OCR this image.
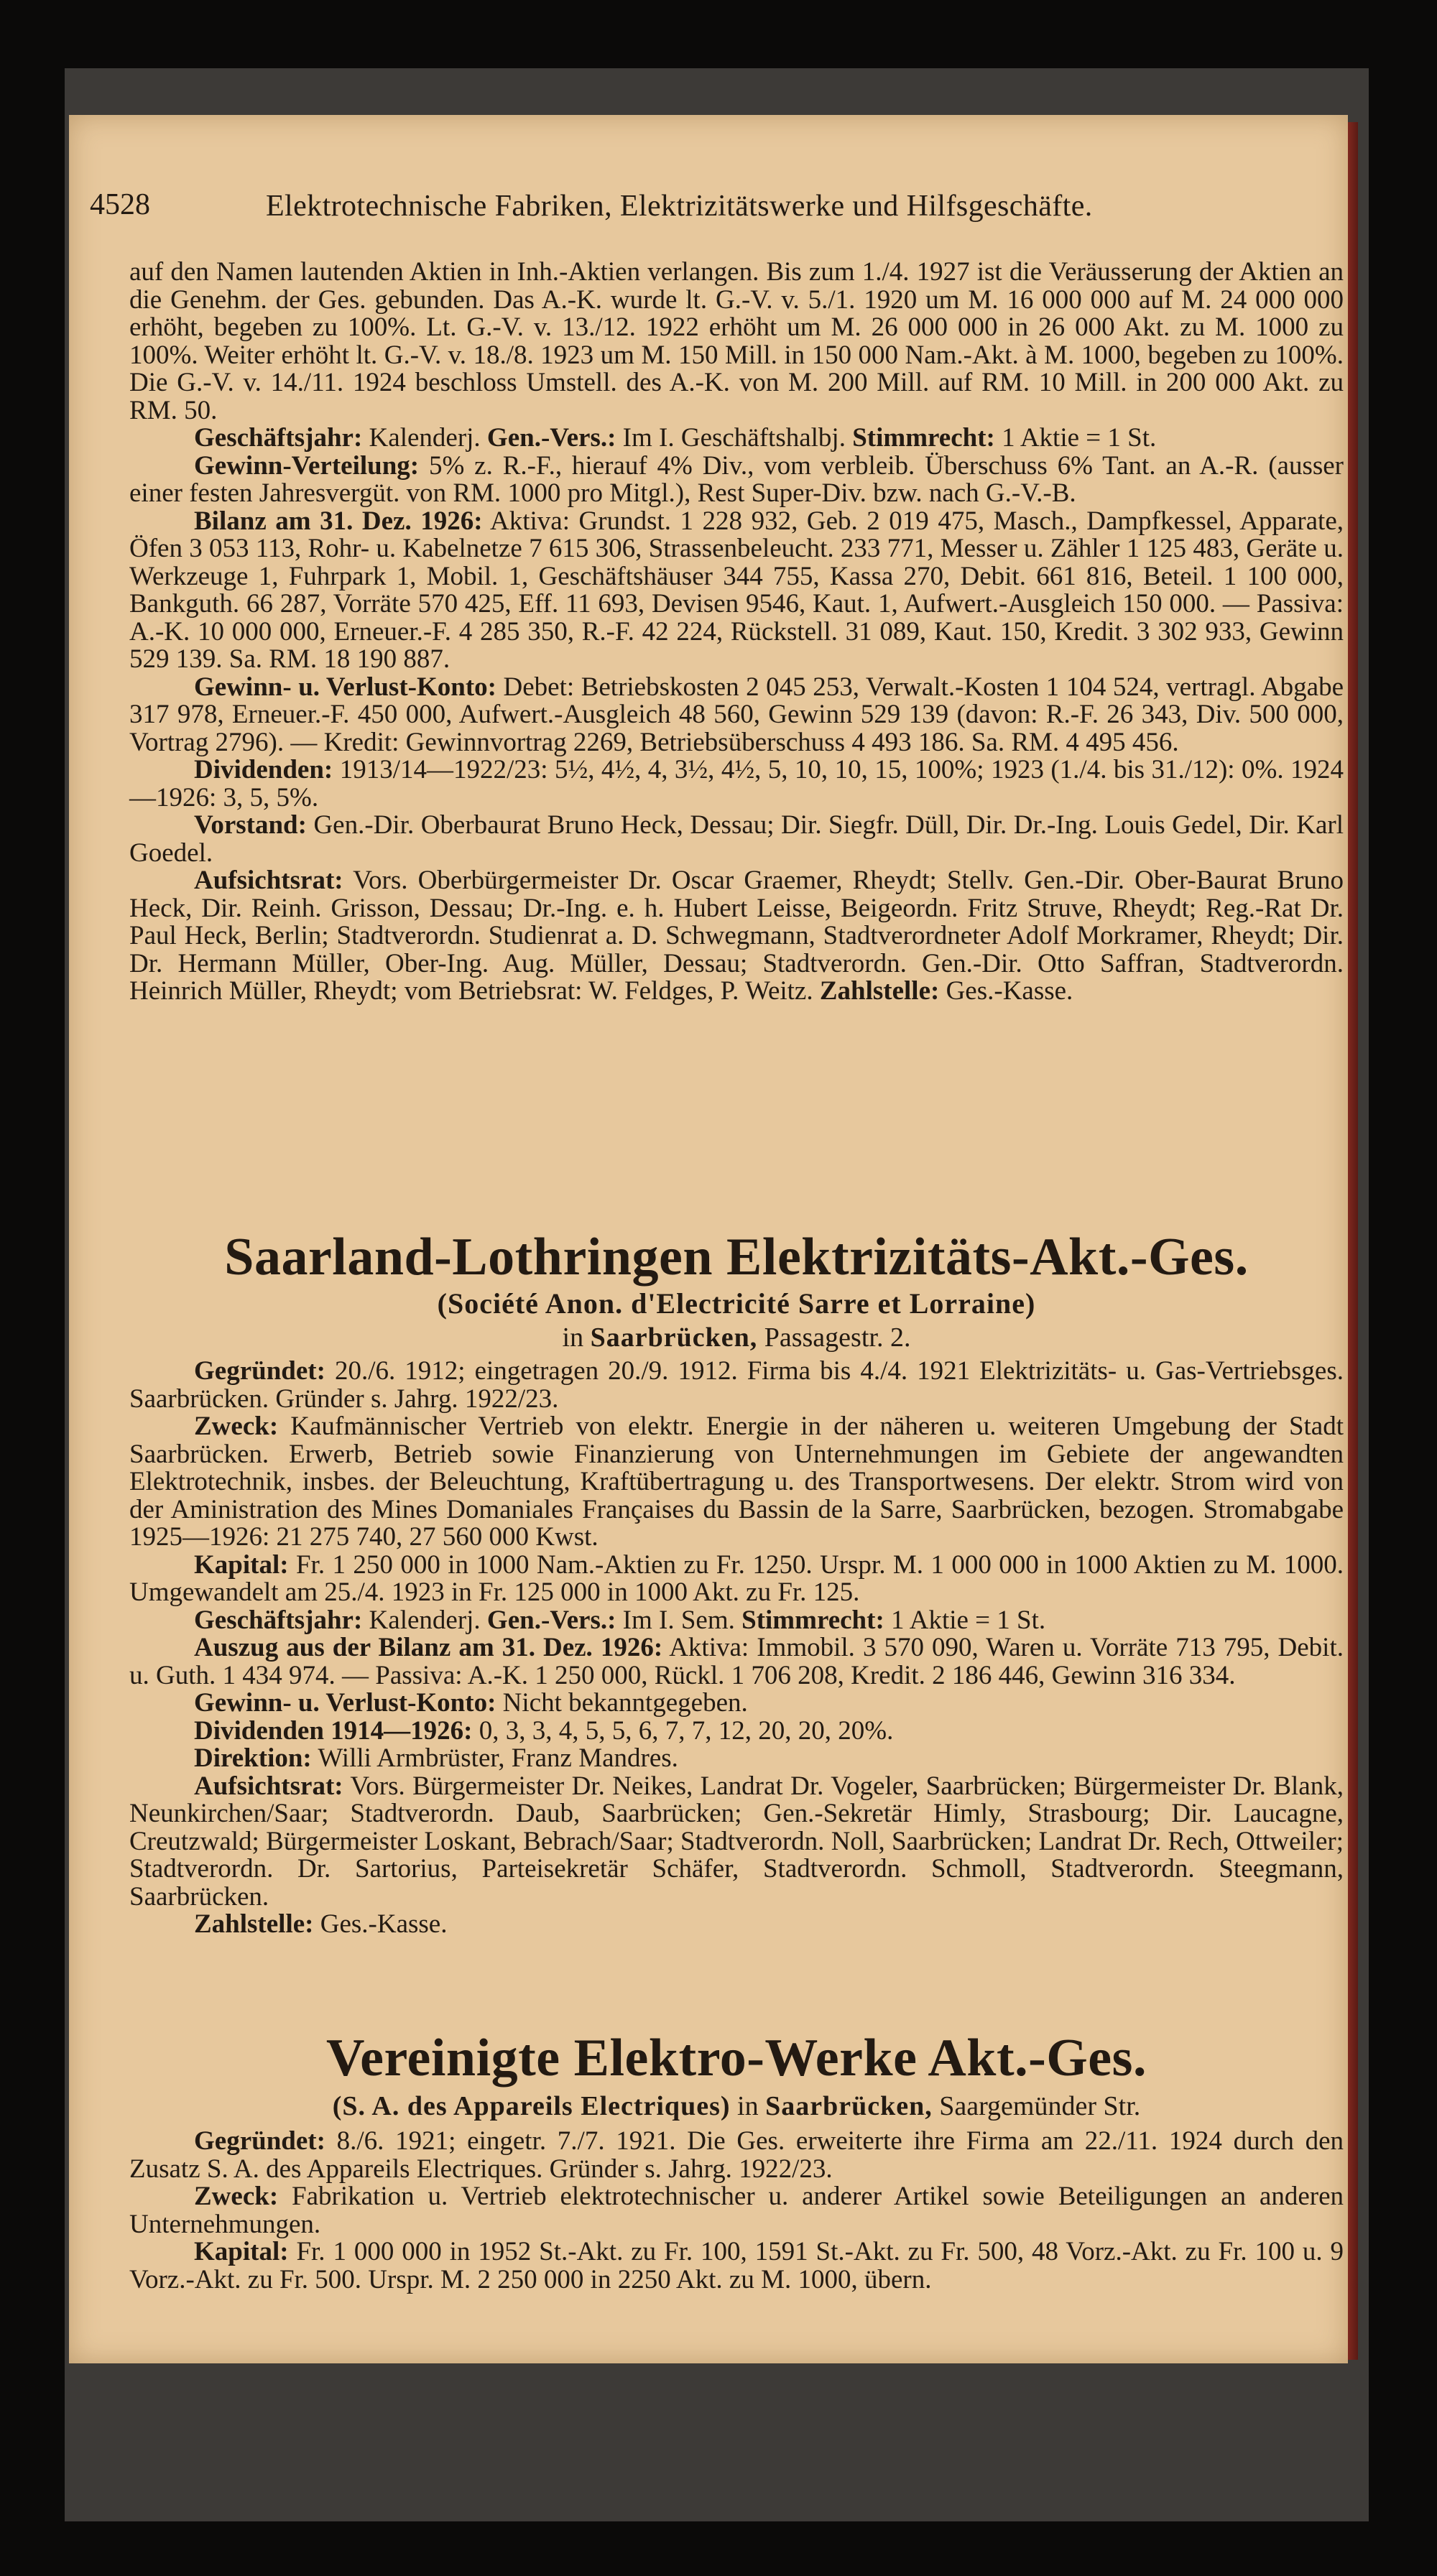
4528	Elektrotechnische Fabriken, Elektrizitätswerke und Hilfsgeschäfte.

auf den Namen lautenden Aktien in Inh.-Aktien verlangen. Bis zum 1./4. 1927 ist die Veräusserung der Aktien an die Genehm. der Ges. gebunden. Das A.-K. wurde lt. G.-V. v. 5./1. 1920 um M. 16 000 000 auf M. 24 000 000 erhöht, begeben zu 100%. Lt. G.-V. v. 13./12. 1922 erhöht um M. 26 000 000 in 26 000 Akt. zu M. 1000 zu 100%. Weiter erhöht lt. G.-V. v. 18./8. 1923 um M. 150 Mill. in 150 000 Nam.-Akt. à M. 1000, begeben zu 100%. Die G.-V. v. 14./11. 1924 beschloss Umstell. des A.-K. von M. 200 Mill. auf RM. 10 Mill. in 200 000 Akt. zu RM. 50.

Geschäftsjahr: Kalenderj. Gen.-Vers.: Im I. Geschäftshalbj. Stimmrecht: 1 Aktie = 1 St.

Gewinn-Verteilung: 5% z. R.-F., hierauf 4% Div., vom verbleib. Überschuss 6% Tant. an A.-R. (ausser einer festen Jahresvergüt. von RM. 1000 pro Mitgl.), Rest Super-Div. bzw. nach G.-V.-B.

Bilanz am 31. Dez. 1926: Aktiva: Grundst. 1 228 932, Geb. 2 019 475, Masch., Dampfkessel, Apparate, Öfen 3 053 113, Rohr- u. Kabelnetze 7 615 306, Strassenbeleucht. 233 771, Messer u. Zähler 1 125 483, Geräte u. Werkzeuge 1, Fuhrpark 1, Mobil. 1, Geschäftshäuser 344 755, Kassa 270, Debit. 661 816, Beteil. 1 100 000, Bankguth. 66 287, Vorräte 570 425, Eff. 11 693, Devisen 9546, Kaut. 1, Aufwert.-Ausgleich 150 000. — Passiva: A.-K. 10 000 000, Erneuer.-F. 4 285 350, R.-F. 42 224, Rückstell. 31 089, Kaut. 150, Kredit. 3 302 933, Gewinn 529 139. Sa. RM. 18 190 887.

Gewinn- u. Verlust-Konto: Debet: Betriebskosten 2 045 253, Verwalt.-Kosten 1 104 524, vertragl. Abgabe 317 978, Erneuer.-F. 450 000, Aufwert.-Ausgleich 48 560, Gewinn 529 139 (davon: R.-F. 26 343, Div. 500 000, Vortrag 2796). — Kredit: Gewinnvortrag 2269, Betriebsüberschuss 4 493 186. Sa. RM. 4 495 456.

Dividenden: 1913/14—1922/23: 5½, 4½, 4, 3½, 4½, 5, 10, 10, 15, 100%; 1923 (1./4. bis 31./12): 0%. 1924—1926: 3, 5, 5%.

Vorstand: Gen.-Dir. Oberbaurat Bruno Heck, Dessau; Dir. Siegfr. Düll, Dir. Dr.-Ing. Louis Gedel, Dir. Karl Goedel.

Aufsichtsrat: Vors. Oberbürgermeister Dr. Oscar Graemer, Rheydt; Stellv. Gen.-Dir. Ober-Baurat Bruno Heck, Dir. Reinh. Grisson, Dessau; Dr.-Ing. e. h. Hubert Leisse, Beigeordn. Fritz Struve, Rheydt; Reg.-Rat Dr. Paul Heck, Berlin; Stadtverordn. Studienrat a. D. Schwegmann, Stadtverordneter Adolf Morkramer, Rheydt; Dir. Dr. Hermann Müller, Ober-Ing. Aug. Müller, Dessau; Stadtverordn. Gen.-Dir. Otto Saffran, Stadtverordn. Heinrich Müller, Rheydt; vom Betriebsrat: W. Feldges, P. Weitz. Zahlstelle: Ges.-Kasse.

Saarland-Lothringen Elektrizitäts-Akt.-Ges.
(Société Anon. d'Electricité Sarre et Lorraine)
in Saarbrücken, Passagestr. 2.

Gegründet: 20./6. 1912; eingetragen 20./9. 1912. Firma bis 4./4. 1921 Elektrizitäts- u. Gas-Vertriebsges. Saarbrücken. Gründer s. Jahrg. 1922/23.

Zweck: Kaufmännischer Vertrieb von elektr. Energie in der näheren u. weiteren Umgebung der Stadt Saarbrücken. Erwerb, Betrieb sowie Finanzierung von Unternehmungen im Gebiete der angewandten Elektrotechnik, insbes. der Beleuchtung, Kraftübertragung u. des Transportwesens. Der elektr. Strom wird von der Aministration des Mines Domaniales Françaises du Bassin de la Sarre, Saarbrücken, bezogen. Stromabgabe 1925—1926: 21 275 740, 27 560 000 Kwst.

Kapital: Fr. 1 250 000 in 1000 Nam.-Aktien zu Fr. 1250. Urspr. M. 1 000 000 in 1000 Aktien zu M. 1000. Umgewandelt am 25./4. 1923 in Fr. 125 000 in 1000 Akt. zu Fr. 125.

Geschäftsjahr: Kalenderj. Gen.-Vers.: Im I. Sem. Stimmrecht: 1 Aktie = 1 St.

Auszug aus der Bilanz am 31. Dez. 1926: Aktiva: Immobil. 3 570 090, Waren u. Vorräte 713 795, Debit. u. Guth. 1 434 974. — Passiva: A.-K. 1 250 000, Rückl. 1 706 208, Kredit. 2 186 446, Gewinn 316 334.

Gewinn- u. Verlust-Konto: Nicht bekanntgegeben.

Dividenden 1914—1926: 0, 3, 3, 4, 5, 5, 6, 7, 7, 12, 20, 20, 20%.

Direktion: Willi Armbrüster, Franz Mandres.

Aufsichtsrat: Vors. Bürgermeister Dr. Neikes, Landrat Dr. Vogeler, Saarbrücken; Bürgermeister Dr. Blank, Neunkirchen/Saar; Stadtverordn. Daub, Saarbrücken; Gen.-Sekretär Himly, Strasbourg; Dir. Laucagne, Creutzwald; Bürgermeister Loskant, Bebrach/Saar; Stadtverordn. Noll, Saarbrücken; Landrat Dr. Rech, Ottweiler; Stadtverordn. Dr. Sartorius, Parteisekretär Schäfer, Stadtverordn. Schmoll, Stadtverordn. Steegmann, Saarbrücken.

Zahlstelle: Ges.-Kasse.

Vereinigte Elektro-Werke Akt.-Ges.
(S. A. des Appareils Electriques) in Saarbrücken, Saargemünder Str.

Gegründet: 8./6. 1921; eingetr. 7./7. 1921. Die Ges. erweiterte ihre Firma am 22./11. 1924 durch den Zusatz S. A. des Appareils Electriques. Gründer s. Jahrg. 1922/23.

Zweck: Fabrikation u. Vertrieb elektrotechnischer u. anderer Artikel sowie Beteiligungen an anderen Unternehmungen.

Kapital: Fr. 1 000 000 in 1952 St.-Akt. zu Fr. 100, 1591 St.-Akt. zu Fr. 500, 48 Vorz.-Akt. zu Fr. 100 u. 9 Vorz.-Akt. zu Fr. 500. Urspr. M. 2 250 000 in 2250 Akt. zu M. 1000, übern.
